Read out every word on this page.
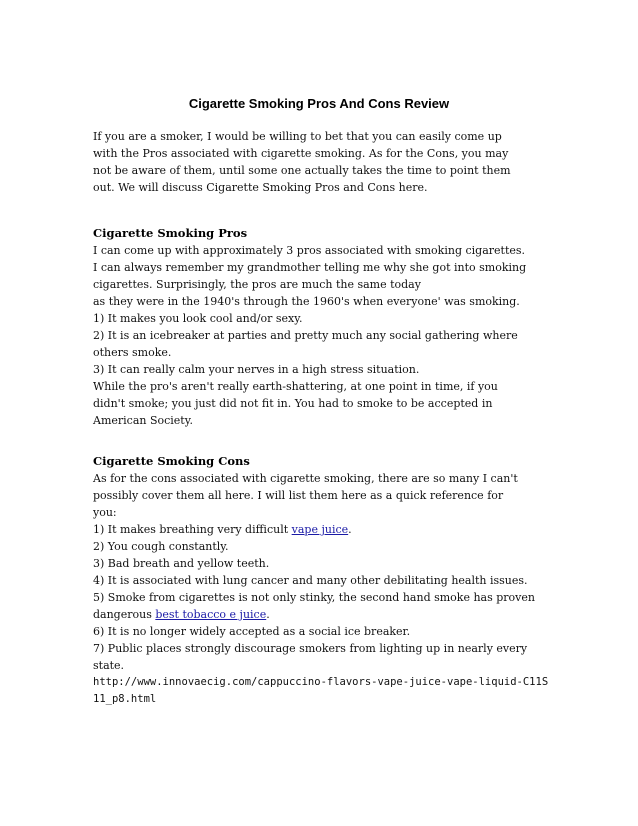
Cigarette Smoking Pros And Cons Review
If you are a smoker, I would be willing to bet that you can easily come up
with the Pros associated with cigarette smoking. As for the Cons, you may
not be aware of them, until some one actually takes the time to point them
out. We will discuss Cigarette Smoking Pros and Cons here.
Cigarette Smoking Pros
I can come up with approximately 3 pros associated with smoking cigarettes.
I can always remember my grandmother telling me why she got into smoking
cigarettes. Surprisingly, the pros are much the same today
as they were in the 1940's through the 1960's when everyone' was smoking.
1) It makes you look cool and/or sexy.
2) It is an icebreaker at parties and pretty much any social gathering where
others smoke.
3) It can really calm your nerves in a high stress situation.
While the pro's aren't really earth-shattering, at one point in time, if you
didn't smoke; you just did not fit in. You had to smoke to be accepted in
American Society.
Cigarette Smoking Cons
As for the cons associated with cigarette smoking, there are so many I can't
possibly cover them all here. I will list them here as a quick reference for
you:
1) It makes breathing very difficult vape juice.
2) You cough constantly.
3) Bad breath and yellow teeth.
4) It is associated with lung cancer and many other debilitating health issues.
5) Smoke from cigarettes is not only stinky, the second hand smoke has proven
dangerous best tobacco e juice.
6) It is no longer widely accepted as a social ice breaker.
7) Public places strongly discourage smokers from lighting up in nearly every
state.
http://www.innovaecig.com/cappuccino-flavors-vape-juice-vape-liquid-C11S
11_p8.html
